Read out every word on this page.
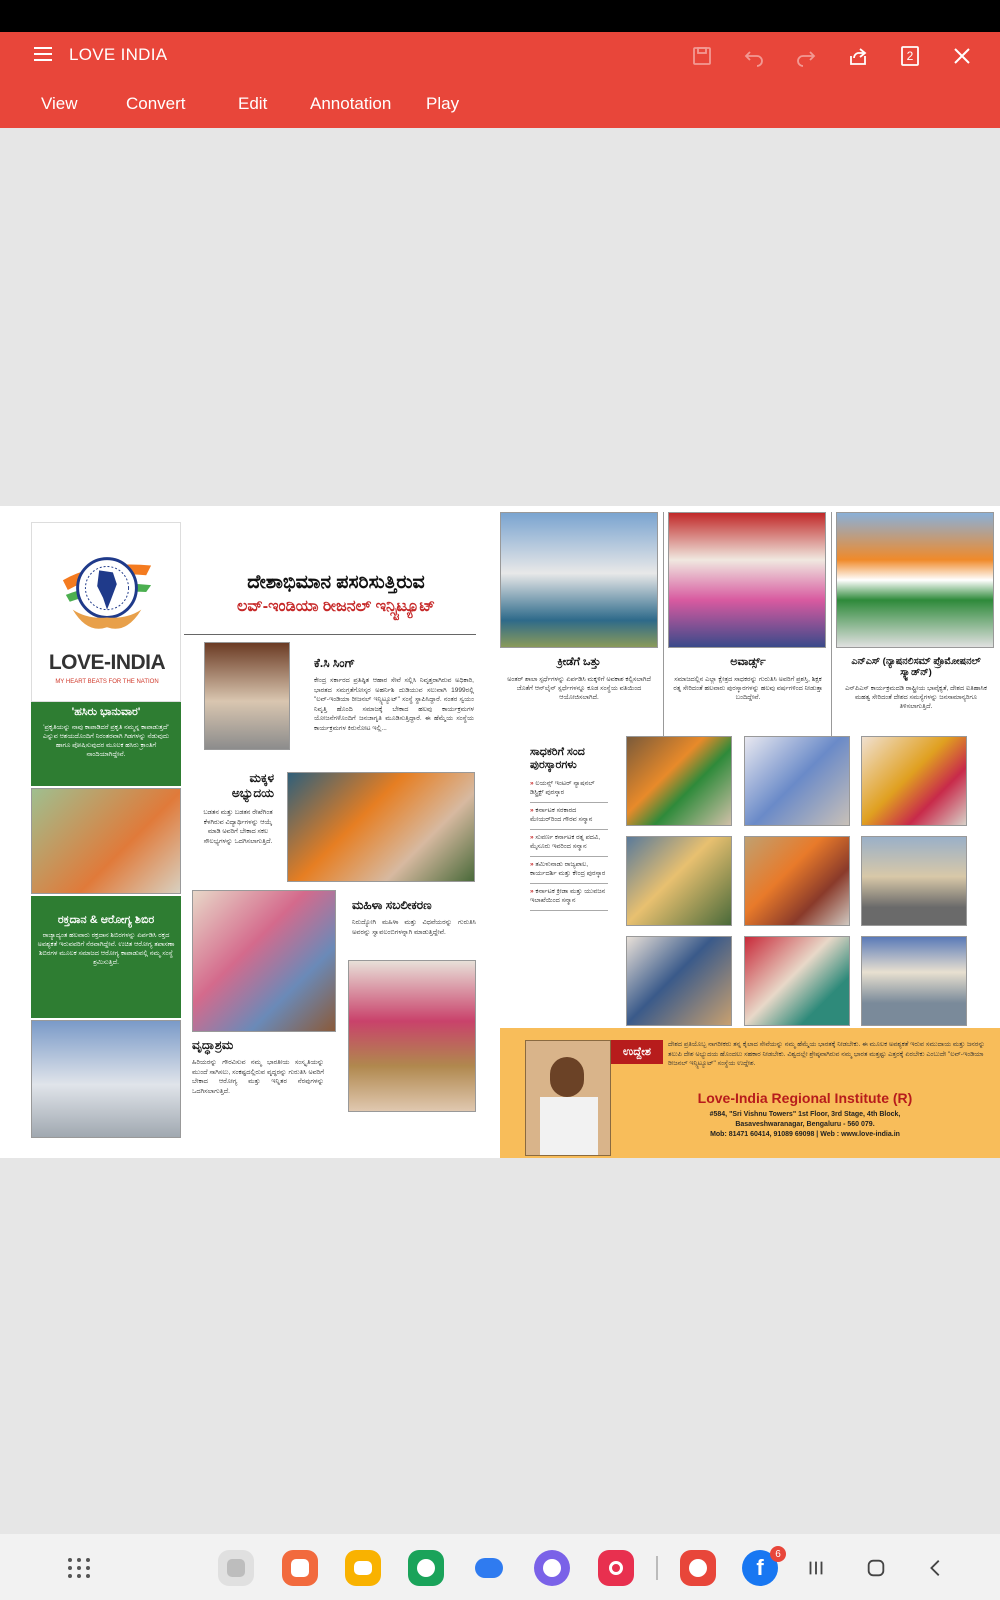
LOVE INDIA	2
View	Convert	Edit	Annotation Play
LOVE-INDIA
MY HEART BEATS FOR THE NATION
'ಹಸಿರು ಭಾನುವಾರ'
'ಪ್ರಕೃತಿಯನ್ನು ನಾವು ಕಾಪಾಡಿದರೆ ಪ್ರಕೃತಿ ನಮ್ಮನ್ನ ಕಾಪಾಡುತ್ತದೆ' ಎನ್ನುವ ಆಶಯದೊಂದಿಗೆ ನಿರಂತರವಾಗಿ ಗಿಡಗಳನ್ನು ನೆಡುವುದು ಹಾಗೂ ಪೋಷಿಸುವುದರ ಮೂಲಕ ಹಸಿರು ಕ್ರಾಂತಿಗೆ ನಾಂದಿಯಾಗಿದ್ದೇವೆ.
ರಕ್ತದಾನ & ಆರೋಗ್ಯ ಶಿಬಿರ
ರಾಜ್ಯಾದ್ಯಂತ ಹಲವಾರು ರಕ್ತದಾನ ಶಿಬಿರಗಳನ್ನು ಏರ್ಪಡಿಸಿ ರಕ್ತದ ಅವಶ್ಯಕತೆ ಇರುವವರಿಗೆ ನೆರವಾಗಿದ್ದೇವೆ. ಉಚಿತ ಆರೋಗ್ಯ ತಪಾಸಣಾ ಶಿಬಿರಗಳ ಮೂಲಕ ಸಮಾಜದ ಆರೋಗ್ಯ ಕಾಪಾಡುವಲ್ಲಿ ನಮ್ಮ ಸಂಸ್ಥೆ ಶ್ರಮಿಸುತ್ತಿದೆ.
ದೇಶಾಭಿಮಾನ ಪಸರಿಸುತ್ತಿರುವ
ಲವ್-ಇಂಡಿಯಾ ರೀಜನಲ್ ಇನ್ಸ್ಟಿಟ್ಯೂಟ್
ಕೆ.ಸಿ ಸಿಂಗ್
ಕೇಂದ್ರ ಸರ್ಕಾರದ ಪ್ರತಿಷ್ಠಿತ ಆಹಾರ ಸೇವೆ ಸಲ್ಲಿಸಿ ನಿವೃತ್ತರಾಗಿರುವ ಅಧಿಕಾರಿ, ಭಾರತದ ಸಮಗ್ರತೆಗೋಸ್ಕರ ಅಹರ್ನಿಶಿ ದುಡಿಯುವ ಸಲುವಾಗಿ 1999ರಲ್ಲಿ "ಲವ್-ಇಂಡಿಯಾ ರೀಜನಲ್ ಇನ್ಸ್ಟಿಟ್ಯೂಟ್" ಸಂಸ್ಥೆ ಸ್ಥಾಪಿಸಿದ್ದಾರೆ. ನಂತರ ಸ್ವಯಂ ನಿವೃತ್ತಿ ಹೊಂದಿ ಸಮಾಜಕ್ಕೆ ಬೇಕಾದ ಹಲವು ಕಾರ್ಯಕ್ರಮಗಳ ಯೋಜನೆಗಳೊಂದಿಗೆ ಜನಜಾಗೃತಿ ಮೂಡಿಸುತ್ತಿದ್ದಾರೆ. ಈ ಹೆಮ್ಮೆಯ ಸಂಸ್ಥೆಯ ಕಾರ್ಯಕ್ರಮಗಳ ಕಿರುನೋಟ ಇಲ್ಲಿ...
ಮಕ್ಕಳ ಅಭ್ಯುದಯ
ಬಡತನ ಮತ್ತು ಬಡತನ ರೇಖೆಗಿಂತ ಕೆಳಗಿರುವ ವಿದ್ಯಾರ್ಥಿಗಳನ್ನು ಆಯ್ಕೆ ಮಾಡಿ ಅವರಿಗೆ ಬೇಕಾದ ಸಕಲ ಸೌಲಭ್ಯಗಳನ್ನು ಒದಗಿಸಲಾಗುತ್ತಿದೆ.
ಮಹಿಳಾ ಸಬಲೀಕರಣ
ನಿರುದ್ಯೋಗಿ ಮಹಿಳಾ ಮತ್ತು ವಿಧವೆಯರನ್ನು ಗುರುತಿಸಿ ಅವರನ್ನು ಸ್ವಾವಲಂಬಿಗಳನ್ನಾಗಿ ಮಾಡುತ್ತಿದ್ದೇವೆ.
ವೃದ್ಧಾಶ್ರಮ
ಹಿರಿಯರನ್ನು ಗೌರವಿಸುವ ನಮ್ಮ ಭಾರತೀಯ ಸಂಸ್ಕೃತಿಯನ್ನು ಮುಂದೆ ಸಾಗಿಸಲು, ಸಂಕಷ್ಟದಲ್ಲಿರುವ ವೃದ್ಧರನ್ನು ಗುರುತಿಸಿ ಅವರಿಗೆ ಬೇಕಾದ ಆರೋಗ್ಯ ಮತ್ತು ಇನ್ನಿತರ ನೆರವುಗಳನ್ನು ಒದಗಿಸಲಾಗುತ್ತಿದೆ.
ಕ್ರೀಡೆಗೆ ಒತ್ತು
ಅಂತರ್ ಶಾಲಾ ಸ್ಪರ್ಧೆಗಳನ್ನು ಏರ್ಪಡಿಸಿ ಮಕ್ಕಳಿಗೆ ಅವಕಾಶ ಕಲ್ಪಿಸಲಾಗಿದೆ ಜೊತೆಗೆ ಆನ್‌ಲೈನ್ ಸ್ಪರ್ಧೆಗಳನ್ನೂ ಕೂಡ ಸಂಸ್ಥೆಯ ವತಿಯಿಂದ ಆಯೋಜಿಸಲಾಗಿದೆ.
ಅವಾರ್ಡ್ಸ್
ಸಮಾಜದಲ್ಲಿನ ಎಲ್ಲಾ ಕ್ಷೇತ್ರದ ಸಾಧಕರನ್ನು ಗುರುತಿಸಿ ಅವರಿಗೆ ಪ್ರಶಸ್ತಿ, ಶಿಕ್ಷಕ ರತ್ನ ಸೇರಿದಂತೆ ಹಲವಾರು ಪುರಸ್ಕಾರಗಳನ್ನು ಹಲವು ವರ್ಷಗಳಿಂದ ನೀಡುತ್ತಾ ಬಂದಿದ್ದೇವೆ.
ಎನ್‌ಎಸ್ (ನ್ಯಾಷನಲಿಸಮ್ ಪ್ರೊಮೋಷನಲ್ ಸ್ಕ್ವಾಡ್‌ನ್)
ಎನ್‌ಪಿಎಸ್ ಕಾರ್ಯಕ್ರಮದಡಿ ರಾಷ್ಟ್ರೀಯ ಭಾವೈಕ್ಯತೆ, ದೇಶದ ಐತಿಹಾಸಿಕ ಮಹತ್ವ ಸೇರಿದಂತೆ ದೇಶದ ಸಮಸ್ಯೆಗಳನ್ನು ಜನಸಾಮಾನ್ಯರಿಗೂ ತಿಳಿಸಲಾಗುತ್ತಿದೆ.
ಸಾಧಕರಿಗೆ ಸಂದ ಪುರಸ್ಕಾರಗಳು
» ಲಯನ್ಸ್ ಇಂಟರ್ ನ್ಯಾಷನಲ್ ಡಿಸ್ಟ್ರಿಕ್ಟ್ ಪುರಸ್ಕಾರ
» ಕರ್ನಾಟಕ ಸರಕಾರದ ಮೇಯರ್‌ರಿಂದ ಗೌರವ ಸನ್ಮಾನ
» ಸುವರ್ಣ ಕರ್ನಾಟಕ ರತ್ನ ಪದವಿ, ಮೈಸೂರು ಇವರಿಂದ ಸನ್ಮಾನ
» ತಮಿಳುನಾಡು ರಾಜ್ಯಪಾಲ, ಕಾರ್ಯದರ್ಶಿ ಮತ್ತು ಕೇಂದ್ರ ಪುರಸ್ಕಾರ
» ಕರ್ನಾಟಕ ಕ್ರೀಡಾ ಮತ್ತು ಯುವಜನ ಇಲಾಖೆಯಿಂದ ಸನ್ಮಾನ
ಉದ್ದೇಶ
ದೇಶದ ಪ್ರತಿಯೊಬ್ಬ ನಾಗರೀಕರು ತನ್ನ ಕೈಲಾದ ಸೇವೆಯನ್ನು ನಮ್ಮ ಹೆಮ್ಮೆಯ ಭಾರತಕ್ಕೆ ನೀಡಬೇಕು. ಈ ಮೂಲಕ ಅವಶ್ಯಕತೆ ಇರುವ ಸಮುದಾಯ ಮತ್ತು ಜನರನ್ನು ತಲುಪಿ ದೇಶ ಅಭ್ಯುದಯ ಹೊಂದಲು ಸಹಕಾರ ನೀಡಬೇಕು. ವಿಶ್ವದಲ್ಲೇ ಶ್ರೇಷ್ಠವಾಗಿರುವ ನಮ್ಮ ಭಾರತ ಮತ್ತಷ್ಟು ಎತ್ತರಕ್ಕೆ ಏರಬೇಕು ಎಂಬುದೇ "ಲವ್-ಇಂಡಿಯಾ ರೀಜನಲ್ ಇನ್ಸ್ಟಿಟ್ಯೂಟ್" ಸಂಸ್ಥೆಯ ಉದ್ದೇಶ.
Love-India Regional Institute (R)
#584, "Sri Vishnu Towers" 1st Floor, 3rd Stage, 4th Block,
Basaveshwaranagar, Bengaluru - 560 079.
Mob: 81471 60414, 91089 69098 | Web : www.love-india.in
f
6
